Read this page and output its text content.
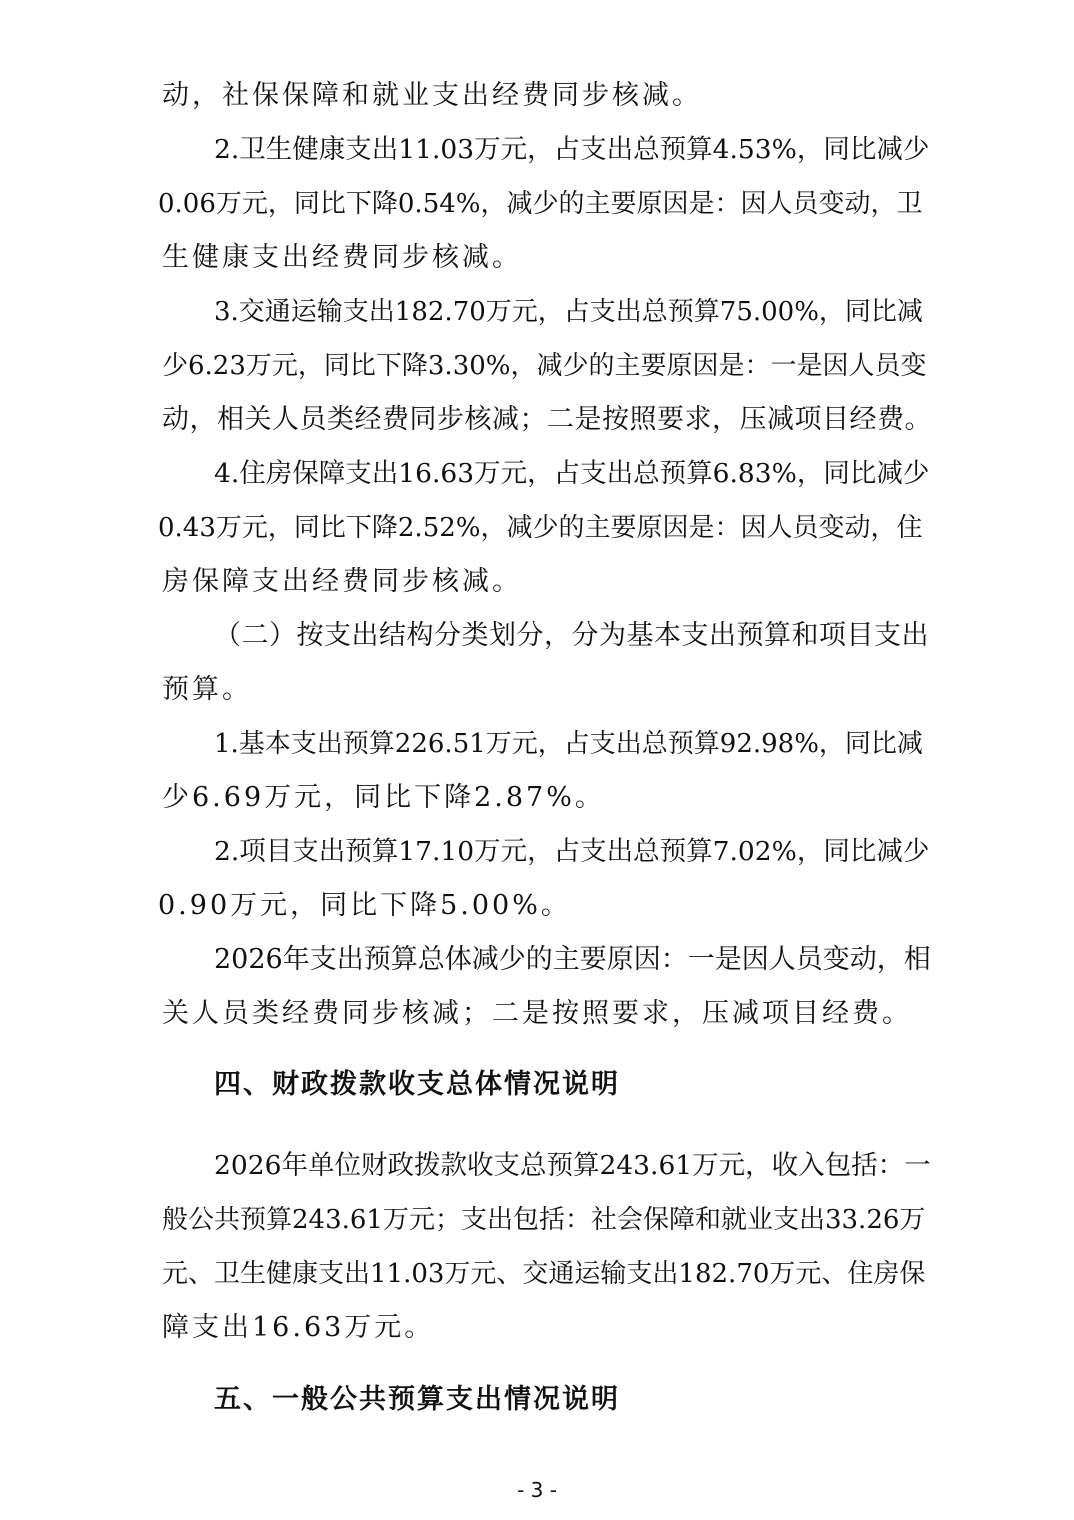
动，社保保障和就业支出经费同步核减。
2.卫生健康支出11.03万元，占支出总预算4.53%，同比减少
0.06万元，同比下降0.54%，减少的主要原因是：因人员变动，卫
生健康支出经费同步核减。
3.交通运输支出182.70万元，占支出总预算75.00%，同比减
少6.23万元，同比下降3.30%，减少的主要原因是：一是因人员变
动，相关人员类经费同步核减；二是按照要求，压减项目经费。
4.住房保障支出16.63万元，占支出总预算6.83%，同比减少
0.43万元，同比下降2.52%，减少的主要原因是：因人员变动，住
房保障支出经费同步核减。
（二）按支出结构分类划分，分为基本支出预算和项目支出
预算。
1.基本支出预算226.51万元，占支出总预算92.98%，同比减
少6.69万元，同比下降2.87%。
2.项目支出预算17.10万元，占支出总预算7.02%，同比减少
0.90万元，同比下降5.00%。
2026年支出预算总体减少的主要原因：一是因人员变动，相
关人员类经费同步核减；二是按照要求，压减项目经费。
四、财政拨款收支总体情况说明
2026年单位财政拨款收支总预算243.61万元，收入包括：一
般公共预算243.61万元；支出包括：社会保障和就业支出33.26万
元、卫生健康支出11.03万元、交通运输支出182.70万元、住房保
障支出16.63万元。
五、一般公共预算支出情况说明
- 3 -
